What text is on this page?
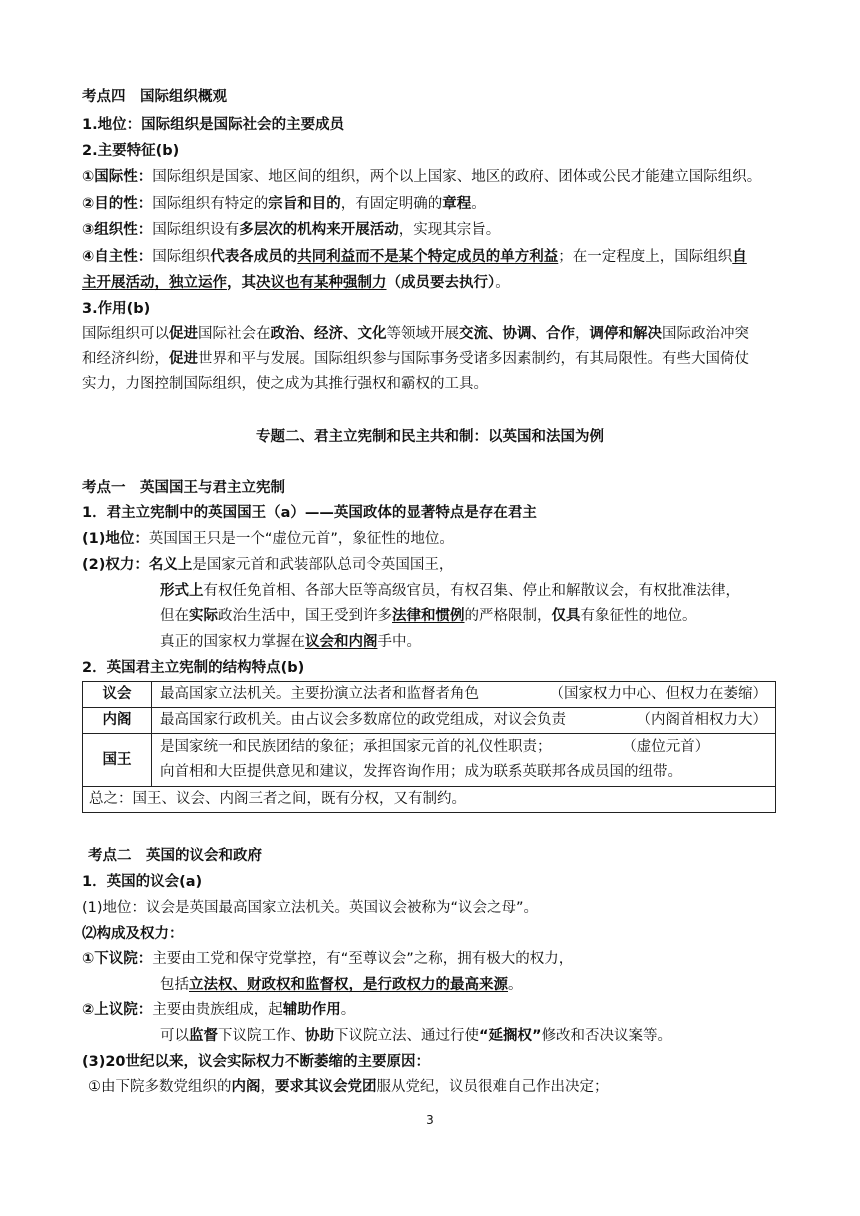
考点四　国际组织概观
1.地位：国际组织是国际社会的主要成员
2.主要特征(b)
①国际性：国际组织是国家、地区间的组织，两个以上国家、地区的政府、团体或公民才能建立国际组织。
②目的性：国际组织有特定的宗旨和目的，有固定明确的章程。
③组织性：国际组织设有多层次的机构来开展活动，实现其宗旨。
④自主性：国际组织代表各成员的共同利益而不是某个特定成员的单方利益；在一定程度上，国际组织自
主开展活动，独立运作，其决议也有某种强制力（成员要去执行）。
3.作用(b)
国际组织可以促进国际社会在政治、经济、文化等领域开展交流、协调、合作，调停和解决国际政治冲突
和经济纠纷，促进世界和平与发展。国际组织参与国际事务受诸多因素制约，有其局限性。有些大国倚仗
实力，力图控制国际组织，使之成为其推行强权和霸权的工具。
专题二、君主立宪制和民主共和制：以英国和法国为例
考点一　英国国王与君主立宪制
1．君主立宪制中的英国国王（a）——英国政体的显著特点是存在君主
(1)地位：英国国王只是一个“虚位元首”，象征性的地位。
(2)权力：名义上是国家元首和武装部队总司令英国国王，
形式上有权任免首相、各部大臣等高级官员，有权召集、停止和解散议会，有权批准法律，
但在实际政治生活中，国王受到许多法律和惯例的严格限制，仅具有象征性的地位。
真正的国家权力掌握在议会和内阁手中。
2．英国君主立宪制的结构特点(b)
议会	最高国家立法机关。主要扮演立法者和监督者角色 （国家权力中心、但权力在萎缩）

内阁	最高国家行政机关。由占议会多数席位的政党组成，对议会负责 （内阁首相权力大）

国王	是国家统一和民族团结的象征；承担国家元首的礼仪性职责； （虚位元首）
向首相和大臣提供意见和建议，发挥咨询作用；成为联系英联邦各成员国的纽带。

总之：国王、议会、内阁三者之间，既有分权，又有制约。	
考点二　英国的议会和政府
1．英国的议会(a)
(1)地位：议会是英国最高国家立法机关。英国议会被称为“议会之母”。
⑵构成及权力：
①下议院：主要由工党和保守党掌控，有“至尊议会”之称，拥有极大的权力，
包括立法权、财政权和监督权，是行政权力的最高来源。
②上议院：主要由贵族组成，起辅助作用。
可以监督下议院工作、协助下议院立法、通过行使“延搁权”修改和否决议案等。
(3)20世纪以来，议会实际权力不断萎缩的主要原因：
①由下院多数党组织的内阁，要求其议会党团服从党纪，议员很难自己作出决定；
3
